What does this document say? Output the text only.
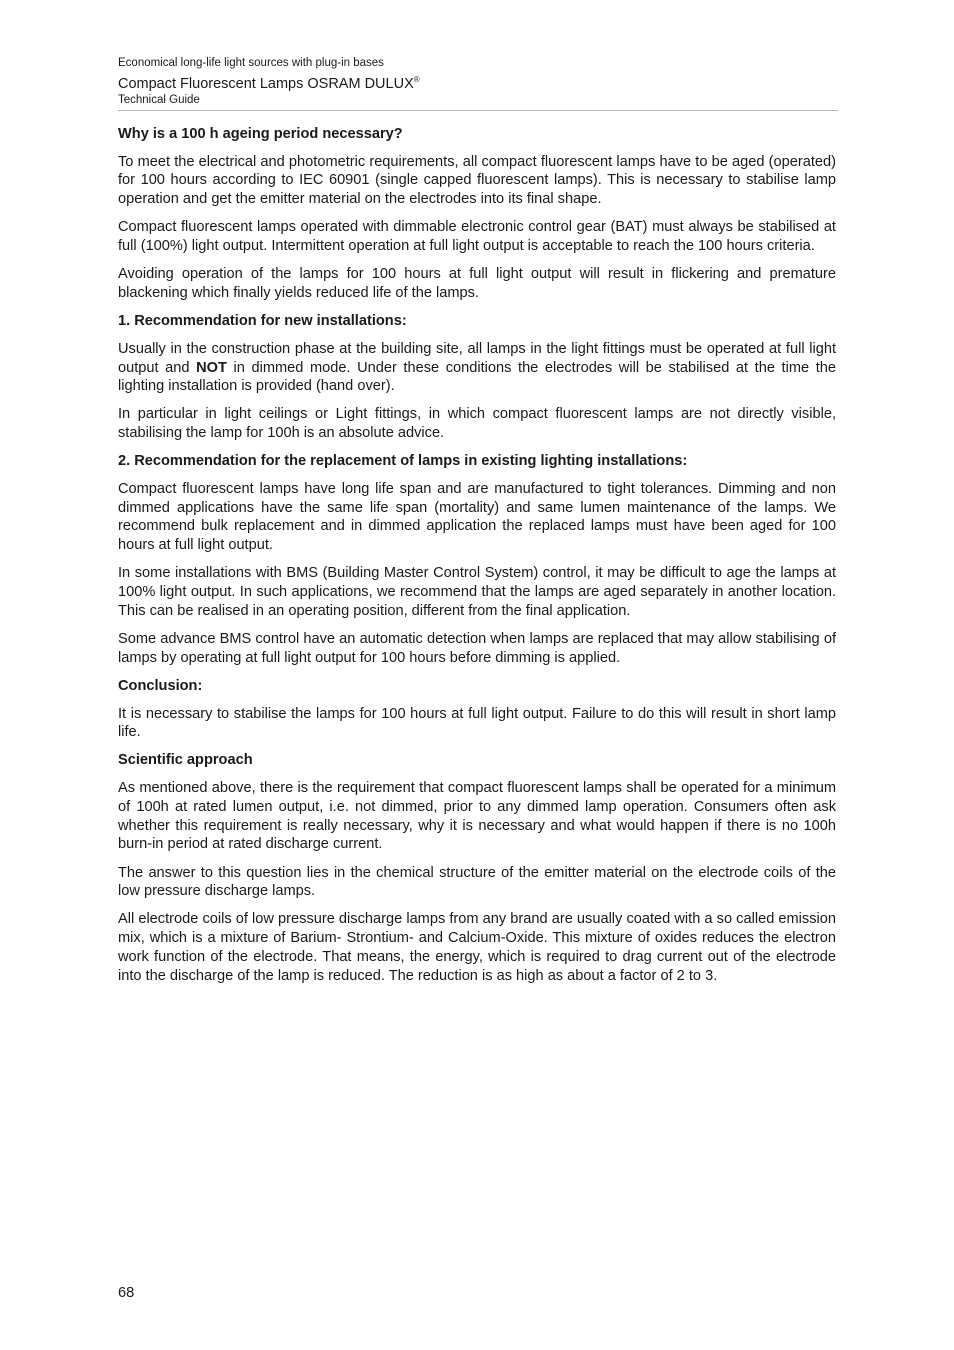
Economical long-life light sources with plug-in bases
Compact Fluorescent Lamps OSRAM DULUX®
Technical Guide
Why is a 100 h ageing period necessary?

To meet the electrical and photometric requirements, all compact fluorescent lamps have to be aged (operated) for 100 hours according to IEC 60901 (single capped fluorescent lamps). This is necessary to stabilise lamp operation and get the emitter material on the electrodes into its final shape.

Compact fluorescent lamps operated with dimmable electronic control gear (BAT) must always be stabilised at full (100%) light output. Intermittent operation at full light output is acceptable to reach the 100 hours criteria.

Avoiding operation of the lamps for 100 hours at full light output will result in flickering and premature blackening which finally yields reduced life of the lamps.

1. Recommendation for new installations:

Usually in the construction phase at the building site, all lamps in the light fittings must be operated at full light output and NOT in dimmed mode. Under these conditions the electrodes will be stabilised at the time the lighting installation is provided (hand over).

In particular in light ceilings or Light fittings, in which compact fluorescent lamps are not directly visible, stabilising the lamp for 100h is an absolute advice.

2. Recommendation for the replacement of lamps in existing lighting installations:

Compact fluorescent lamps have long life span and are manufactured to tight tolerances. Dimming and non dimmed applications have the same life span (mortality) and same lumen maintenance of the lamps. We recommend bulk replacement and in dimmed application the replaced lamps must have been aged for 100 hours at full light output.

In some installations with BMS (Building Master Control System) control, it may be difficult to age the lamps at 100% light output. In such applications, we recommend that the lamps are aged separately in another location. This can be realised in an operating position, different from the final application.

Some advance BMS control have an automatic detection when lamps are replaced that may allow stabilising of lamps by operating at full light output for 100 hours before dimming is applied.

Conclusion:

It is necessary to stabilise the lamps for 100 hours at full light output. Failure to do this will result in short lamp life.

Scientific approach

As mentioned above, there is the requirement that compact fluorescent lamps shall be operated for a minimum of 100h at rated lumen output, i.e. not dimmed, prior to any dimmed lamp operation. Consumers often ask whether this requirement is really necessary, why it is necessary and what would happen if there is no 100h burn-in period at rated discharge current.

The answer to this question lies in the chemical structure of the emitter material on the electrode coils of the low pressure discharge lamps.

All electrode coils of low pressure discharge lamps from any brand are usually coated with a so called emission mix, which is a mixture of Barium- Strontium- and Calcium-Oxide. This mixture of oxides reduces the electron work function of the electrode. That means, the energy, which is required to drag current out of the electrode into the discharge of the lamp is reduced. The reduction is as high as about a factor of 2 to 3.

68
